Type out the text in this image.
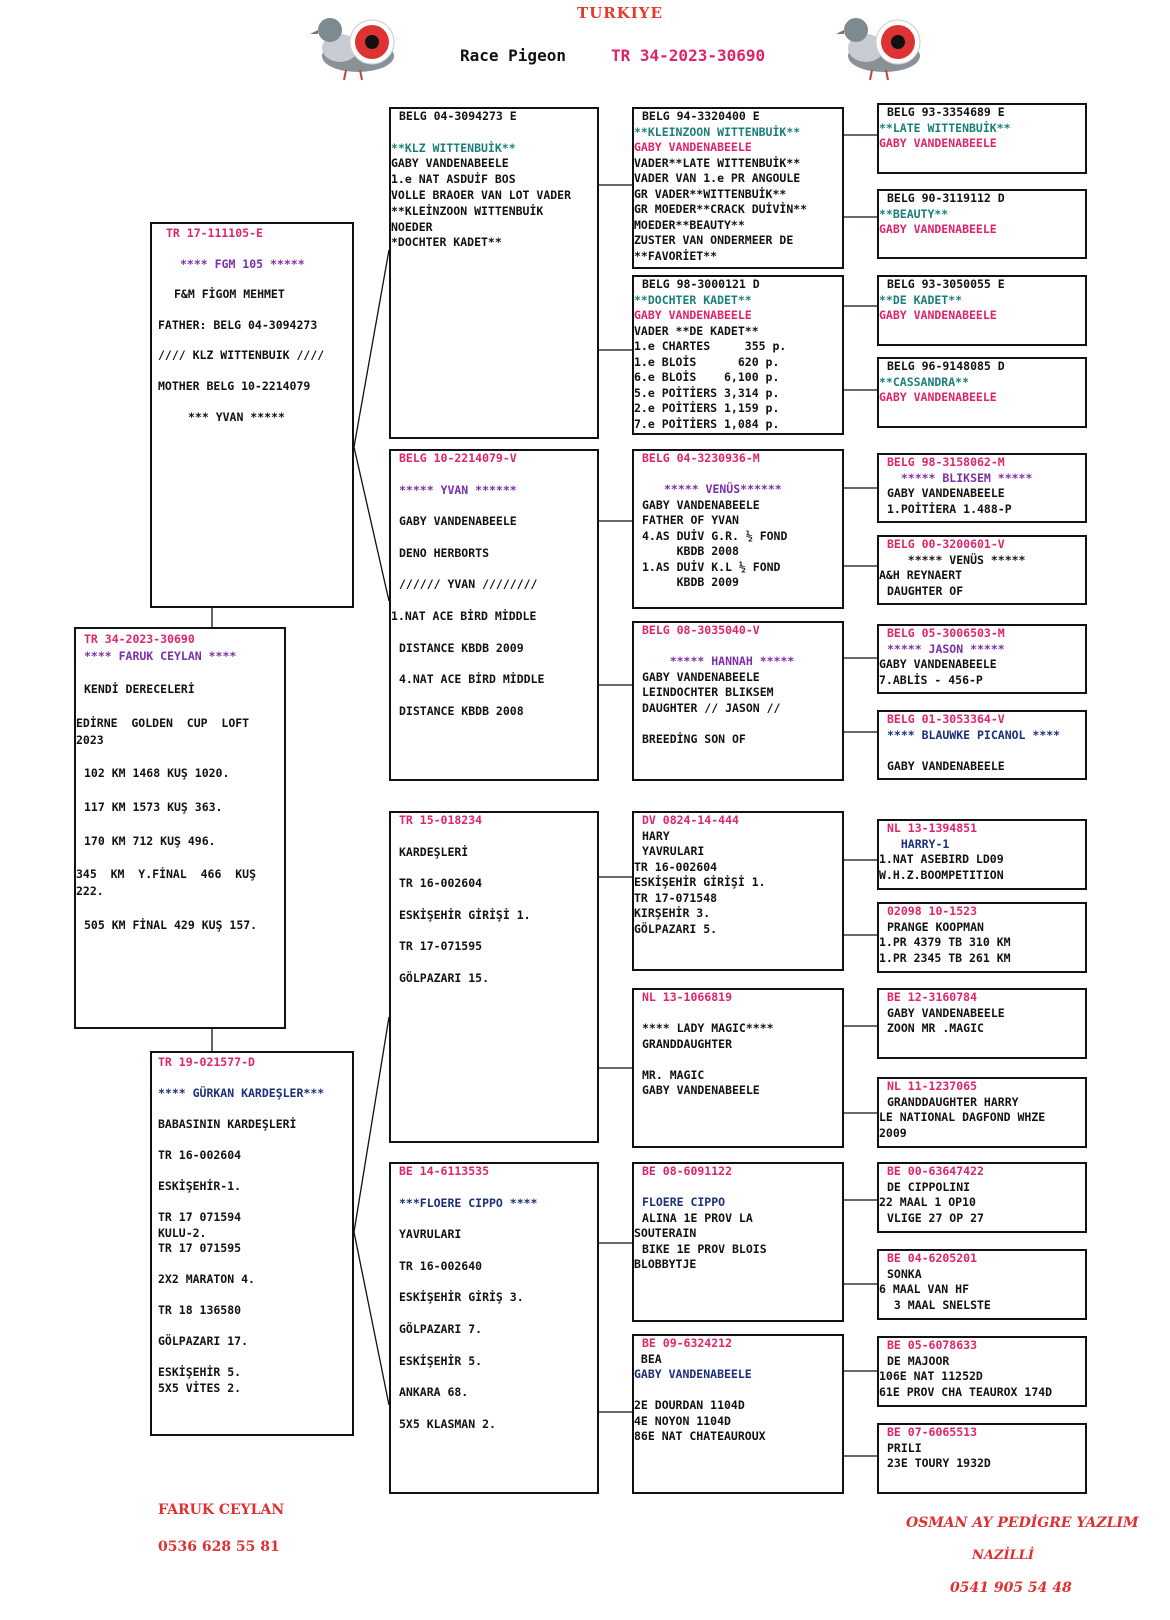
TURKIYE
Race Pigeon	TR 34-2023-30690
TR 34-2023-30690
**** FARUK CEYLAN ****
KENDİ DERECELERİ
EDİRNE  GOLDEN  CUP  LOFT
2023
102 KM 1468 KUŞ 1020.
117 KM 1573 KUŞ 363.
170 KM 712 KUŞ 496.
345  KM  Y.FİNAL  466  KUŞ
222.
505 KM FİNAL 429 KUŞ 157.
TR 17-111105-E
**** FGM 105 *****
F&M FİGOM MEHMET
FATHER: BELG 04-3094273
//// KLZ WITTENBUIK ////
MOTHER BELG 10-2214079
*** YVAN *****
TR 19-021577-D
**** GÜRKAN KARDEŞLER***
BABASININ KARDEŞLERİ
TR 16-002604
ESKİŞEHİR-1.
TR 17 071594
KULU-2.
TR 17 071595
2X2 MARATON 4.
TR 18 136580
GÖLPAZARI 17.
ESKİŞEHİR 5.
5X5 VİTES 2.
BELG 04-3094273 E
**KLZ WITTENBUİK**
GABY VANDENABEELE
1.e NAT ASDUİF BOS
VOLLE BRAOER VAN LOT VADER
**KLEİNZOON WITTENBUİK
NOEDER
*DOCHTER KADET**
BELG 10-2214079-V
***** YVAN ******
GABY VANDENABEELE
DENO HERBORTS
////// YVAN ////////
1.NAT ACE BİRD MİDDLE
DISTANCE KBDB 2009
4.NAT ACE BİRD MİDDLE
DISTANCE KBDB 2008
TR 15-018234
KARDEŞLERİ
TR 16-002604
ESKİŞEHİR GİRİŞİ 1.
TR 17-071595
GÖLPAZARI 15.
BE 14-6113535
***FLOERE CIPPO ****
YAVRULARI
TR 16-002640
ESKİŞEHİR GİRİŞ 3.
GÖLPAZARI 7.
ESKİŞEHİR 5.
ANKARA 68.
5X5 KLASMAN 2.
BELG 94-3320400 E
**KLEINZOON WITTENBUİK**
GABY VANDENABEELE
VADER**LATE WITTENBUİK**
VADER VAN 1.e PR ANGOULE
GR VADER**WITTENBUİK**
GR MOEDER**CRACK DUİVİN**
MOEDER**BEAUTY**
ZUSTER VAN ONDERMEER DE
**FAVORİET**
BELG 98-3000121 D
**DOCHTER KADET**
GABY VANDENABEELE
VADER **DE KADET**
1.e CHARTES     355 p.
1.e BLOİS      620 p.
6.e BLOİS    6,100 p.
5.e POİTİERS 3,314 p.
2.e POİTİERS 1,159 p.
7.e POİTİERS 1,084 p.
BELG 04-3230936-M
***** VENÜS******
GABY VANDENABEELE
FATHER OF YVAN
4.AS DUİV G.R. ½ FOND
KBDB 2008
1.AS DUİV K.L ½ FOND
KBDB 2009
BELG 08-3035040-V
***** HANNAH *****
GABY VANDENABEELE
LEINDOCHTER BLIKSEM
DAUGHTER // JASON //
BREEDİNG SON OF
DV 0824-14-444
HARY
YAVRULARI
TR 16-002604
ESKİŞEHİR GİRİŞİ 1.
TR 17-071548
KIRŞEHİR 3.
GÖLPAZARI 5.
NL 13-1066819
**** LADY MAGIC****
GRANDDAUGHTER
MR. MAGIC
GABY VANDENABEELE
BE 08-6091122
FLOERE CIPPO
ALINA 1E PROV LA
SOUTERAIN
BIKE 1E PROV BLOIS
BLOBBYTJE
BE 09-6324212
BEA
GABY VANDENABEELE
2E DOURDAN 1104D
4E NOYON 1104D
86E NAT CHATEAUROUX
BELG 93-3354689 E
**LATE WITTENBUİK**
GABY VANDENABEELE
BELG 90-3119112 D
**BEAUTY**
GABY VANDENABEELE
BELG 93-3050055 E
**DE KADET**
GABY VANDENABEELE
BELG 96-9148085 D
**CASSANDRA**
GABY VANDENABEELE
BELG 98-3158062-M
***** BLIKSEM *****
GABY VANDENABEELE
1.POİTİERA 1.488-P
BELG 00-3200601-V
***** VENÜS *****
A&H REYNAERT
DAUGHTER OF
BELG 05-3006503-M
***** JASON *****
GABY VANDENABEELE
7.ABLİS - 456-P
BELG 01-3053364-V
**** BLAUWKE PICANOL ****
GABY VANDENABEELE
NL 13-1394851
HARRY-1
1.NAT ASEBIRD LD09
W.H.Z.BOOMPETITION
02098 10-1523
PRANGE KOOPMAN
1.PR 4379 TB 310 KM
1.PR 2345 TB 261 KM
BE 12-3160784
GABY VANDENABEELE
ZOON MR .MAGIC
NL 11-1237065
GRANDDAUGHTER HARRY
LE NATIONAL DAGFOND WHZE
2009
BE 00-63647422
DE CIPPOLINI
22 MAAL 1 OP10
VLIGE 27 OP 27
BE 04-6205201
SONKA
6 MAAL VAN HF
3 MAAL SNELSTE
BE 05-6078633
DE MAJOOR
106E NAT 11252D
61E PROV CHA TEAUROX 174D
BE 07-6065513
PRILI
23E TOURY 1932D
FARUK CEYLAN
0536 628 55 81
OSMAN AY PEDİGRE YAZLIM
NAZİLLİ
0541 905 54 48
